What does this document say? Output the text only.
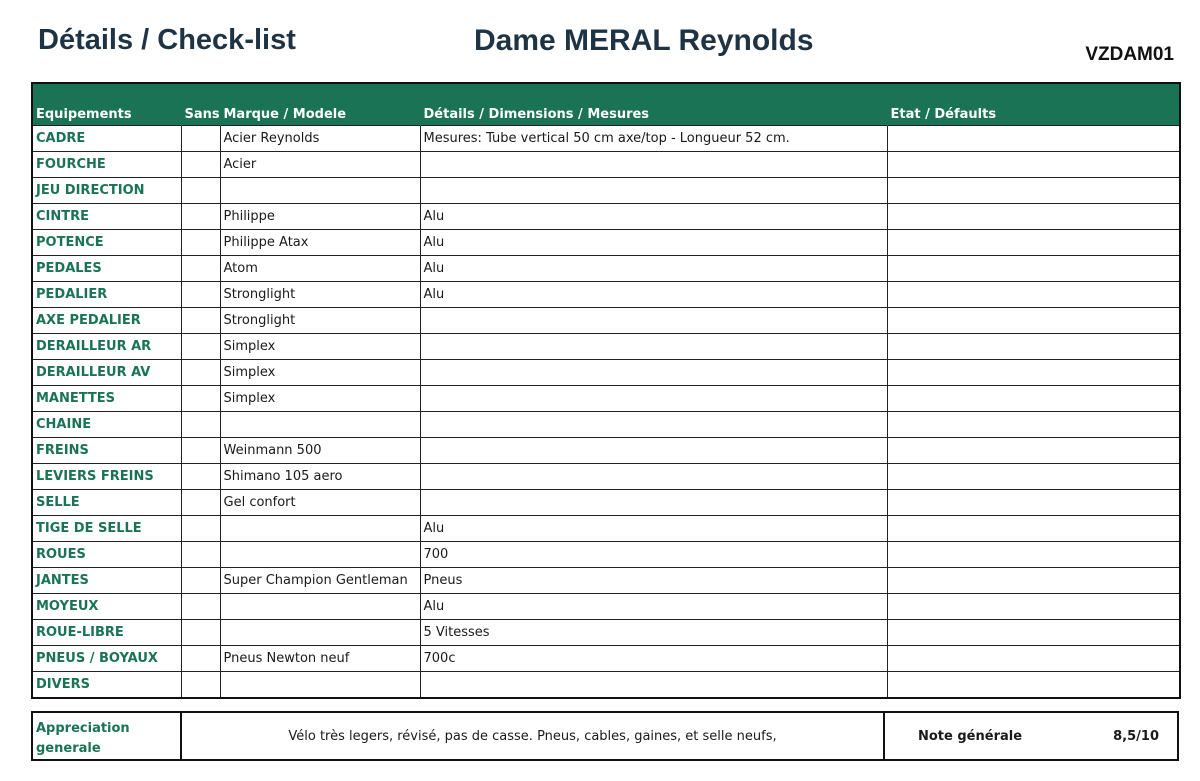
Détails / Check-list	Dame MERAL Reynolds	VZDAM01
Equipements	Sans	Marque / Modele	Détails / Dimensions / Mesures	Etat / Défaults
CADRE		Acier Reynolds	Mesures: Tube vertical 50 cm axe/top - Longueur 52 cm.	
FOURCHE		Acier		
JEU DIRECTION				
CINTRE		Philippe	Alu	
POTENCE		Philippe Atax	Alu	
PEDALES		Atom	Alu	
PEDALIER		Stronglight	Alu	
AXE PEDALIER		Stronglight		
DERAILLEUR AR		Simplex		
DERAILLEUR AV		Simplex		
MANETTES		Simplex		
CHAINE				
FREINS		Weinmann 500		
LEVIERS FREINS		Shimano 105 aero		
SELLE		Gel confort		
TIGE DE SELLE			Alu	
ROUES			700	
JANTES		Super Champion Gentleman	Pneus	
MOYEUX			Alu	
ROUE-LIBRE			5 Vitesses	
PNEUS / BOYAUX		Pneus Newton neuf	700c	
DIVERS				
Appreciation generale
Vélo très legers, révisé, pas de casse. Pneus, cables, gaines, et selle neufs,	Note générale	8,5/10
